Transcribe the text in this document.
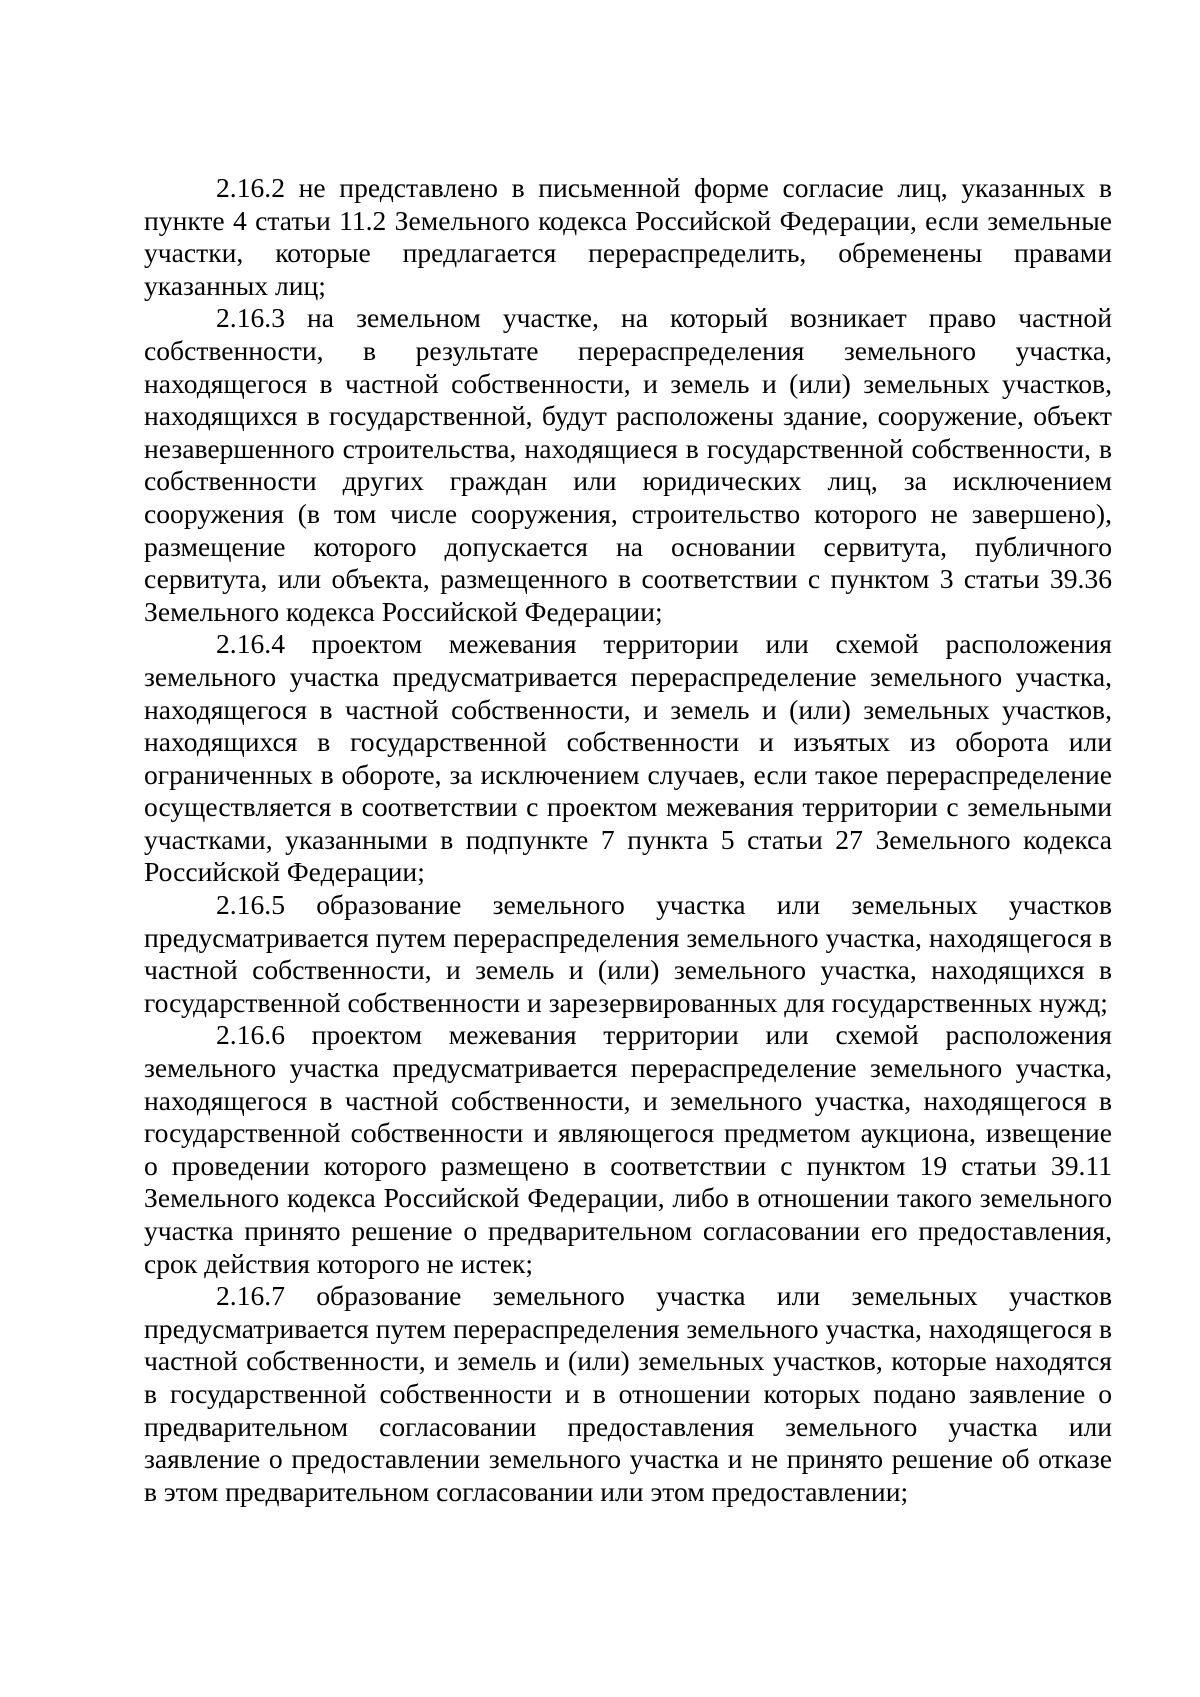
2.16.2 не представлено в письменной форме согласие лиц, указанных в пункте 4 статьи 11.2 Земельного кодекса Российской Федерации, если земельные участки, которые предлагается перераспределить, обременены правами указанных лиц;

2.16.3 на земельном участке, на который возникает право частной собственности, в результате перераспределения земельного участка, находящегося в частной собственности, и земель и (или) земельных участков, находящихся в государственной, будут расположены здание, сооружение, объект незавершенного строительства, находящиеся в государственной собственности, в собственности других граждан или юридических лиц, за исключением сооружения (в том числе сооружения, строительство которого не завершено), размещение которого допускается на основании сервитута, публичного сервитута, или объекта, размещенного в соответствии с пунктом 3 статьи 39.36 Земельного кодекса Российской Федерации;

2.16.4 проектом межевания территории или схемой расположения земельного участка предусматривается перераспределение земельного участка, находящегося в частной собственности, и земель и (или) земельных участков, находящихся в государственной собственности и изъятых из оборота или ограниченных в обороте, за исключением случаев, если такое перераспределение осуществляется в соответствии с проектом межевания территории с земельными участками, указанными в подпункте 7 пункта 5 статьи 27 Земельного кодекса Российской Федерации;

2.16.5 образование земельного участка или земельных участков предусматривается путем перераспределения земельного участка, находящегося в частной собственности, и земель и (или) земельного участка, находящихся в государственной собственности и зарезервированных для государственных нужд;

2.16.6 проектом межевания территории или схемой расположения земельного участка предусматривается перераспределение земельного участка, находящегося в частной собственности, и земельного участка, находящегося в государственной собственности и являющегося предметом аукциона, извещение о проведении которого размещено в соответствии с пунктом 19 статьи 39.11 Земельного кодекса Российской Федерации, либо в отношении такого земельного участка принято решение о предварительном согласовании его предоставления, срок действия которого не истек;

2.16.7 образование земельного участка или земельных участков предусматривается путем перераспределения земельного участка, находящегося в частной собственности, и земель и (или) земельных участков, которые находятся в государственной собственности и в отношении которых подано заявление о предварительном согласовании предоставления земельного участка или заявление о предоставлении земельного участка и не принято решение об отказе в этом предварительном согласовании или этом предоставлении;
